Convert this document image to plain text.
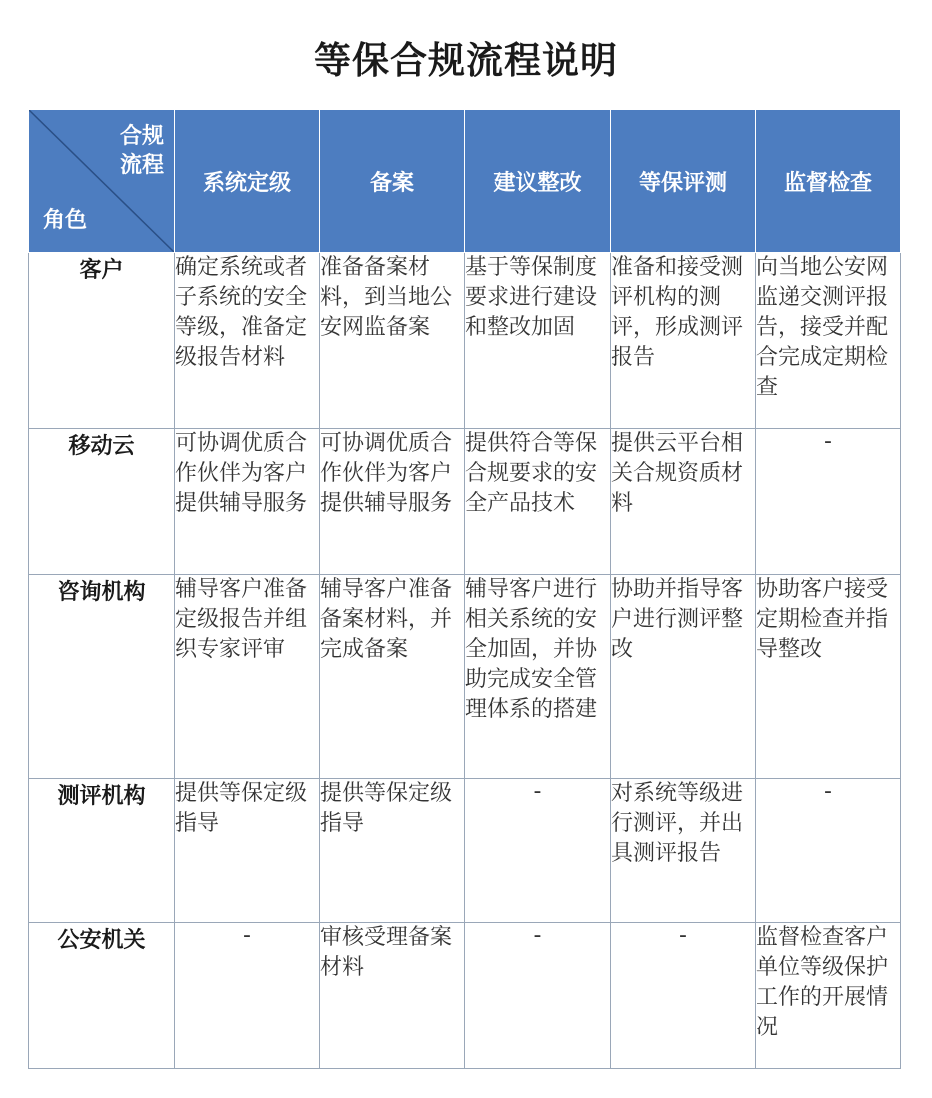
等保合规流程说明
合规
流程
角色	系统定级	备案	建议整改	等保评测	监督检查
客户	确定系统或者子系统的安全等级，准备定级报告材料	准备备案材料，到当地公安网监备案	基于等保制度要求进行建设和整改加固	准备和接受测评机构的测评，形成测评报告	向当地公安网监递交测评报告，接受并配合完成定期检查
移动云	可协调优质合作伙伴为客户提供辅导服务	可协调优质合作伙伴为客户提供辅导服务	提供符合等保合规要求的安全产品技术	提供云平台相关合规资质材料	-
咨询机构	辅导客户准备定级报告并组织专家评审	辅导客户准备备案材料，并完成备案	辅导客户进行相关系统的安全加固，并协助完成安全管理体系的搭建	协助并指导客户进行测评整改	协助客户接受定期检查并指导整改
测评机构	提供等保定级指导	提供等保定级指导	-	对系统等级进行测评，并出具测评报告	-
公安机关	-	审核受理备案材料	-	-	监督检查客户单位等级保护工作的开展情况
